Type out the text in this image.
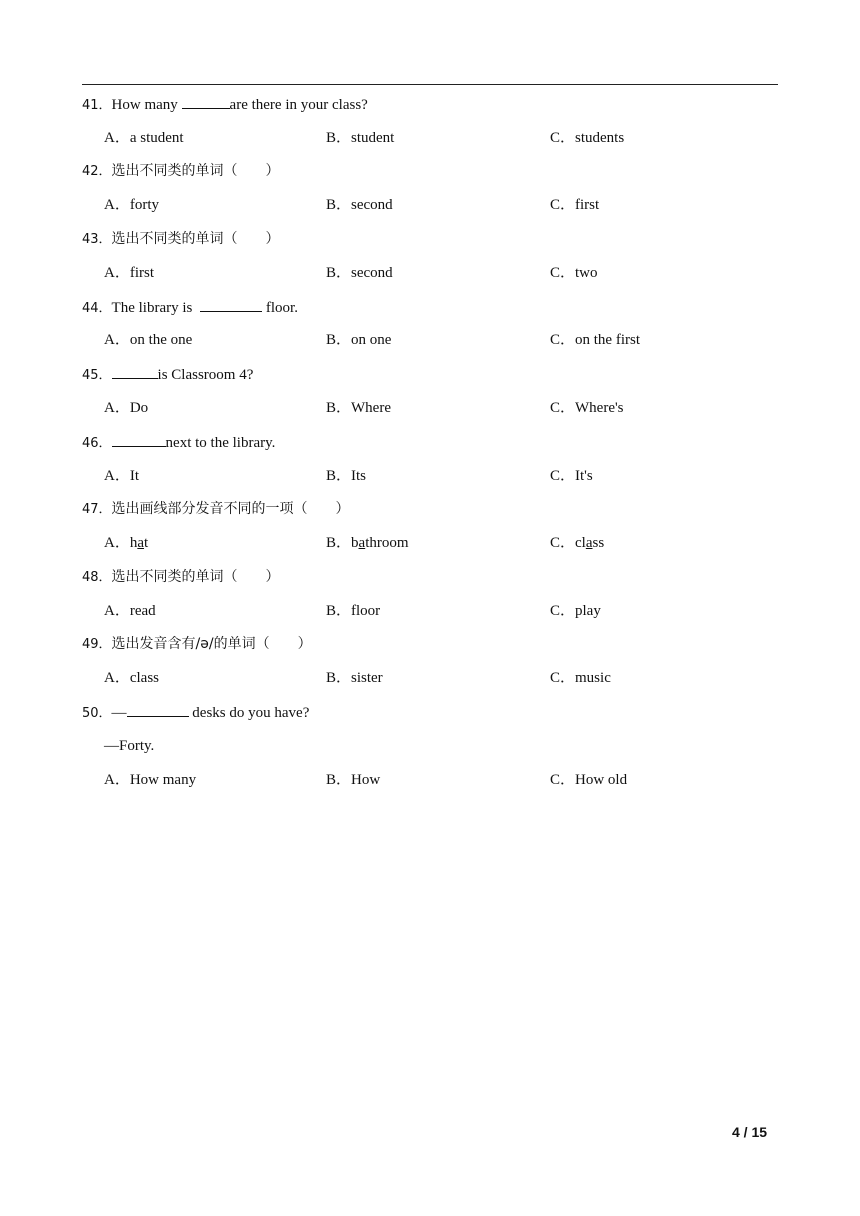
41．How many	are there in your class?
A．a student	B．student	C．students
42．选出不同类的单词（　　）
A．forty	B．second	C．first
43．选出不同类的单词（　　）
A．first	B．second	C．two
44．The library is	floor.
A．on the one	B．on one	C．on the first
45．	is Classroom 4?
A．Do	B．Where	C．Where's
46．	next to the library.
A．It	B．Its	C．It's
47．选出画线部分发音不同的一项（　　）
A．hat	B．bathroom	C．class
48．选出不同类的单词（　　）
A．read	B．floor	C．play
49．选出发音含有/ə/的单词（　　）
A．class	B．sister	C．music
50．—	desks do you have?
—Forty.
A．How many	B．How	C．How old
4 / 15
